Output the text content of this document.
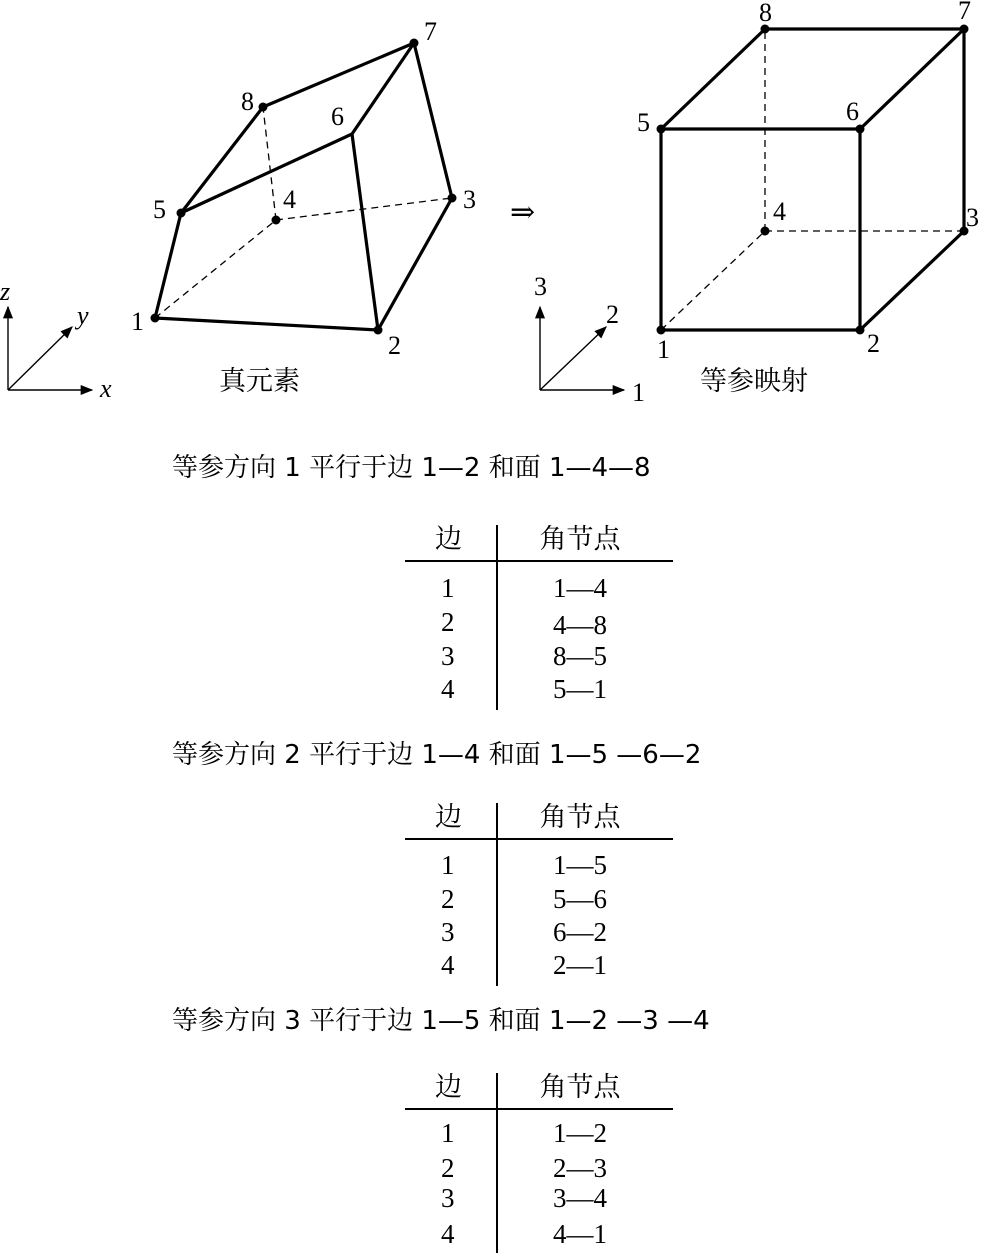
1
2
3
4
5
6
7
8
真元素
x
y
z
⇒
1	2
3
4
5	6
7
8
等参映射
1
2
3
等参方向 1 平行于边 1—2 和面 1—4—8
边	角节点
1	1—4
2	4—8
3	8—5
4	5—1
等参方向 2 平行于边 1—4 和面 1—5 —6—2
边	角节点
1	1—5
2	5—6
3	6—2
4	2—1
等参方向 3 平行于边 1—5 和面 1—2 —3 —4
边	角节点
1	1—2
2	2—3
3	3—4
4	4—1
